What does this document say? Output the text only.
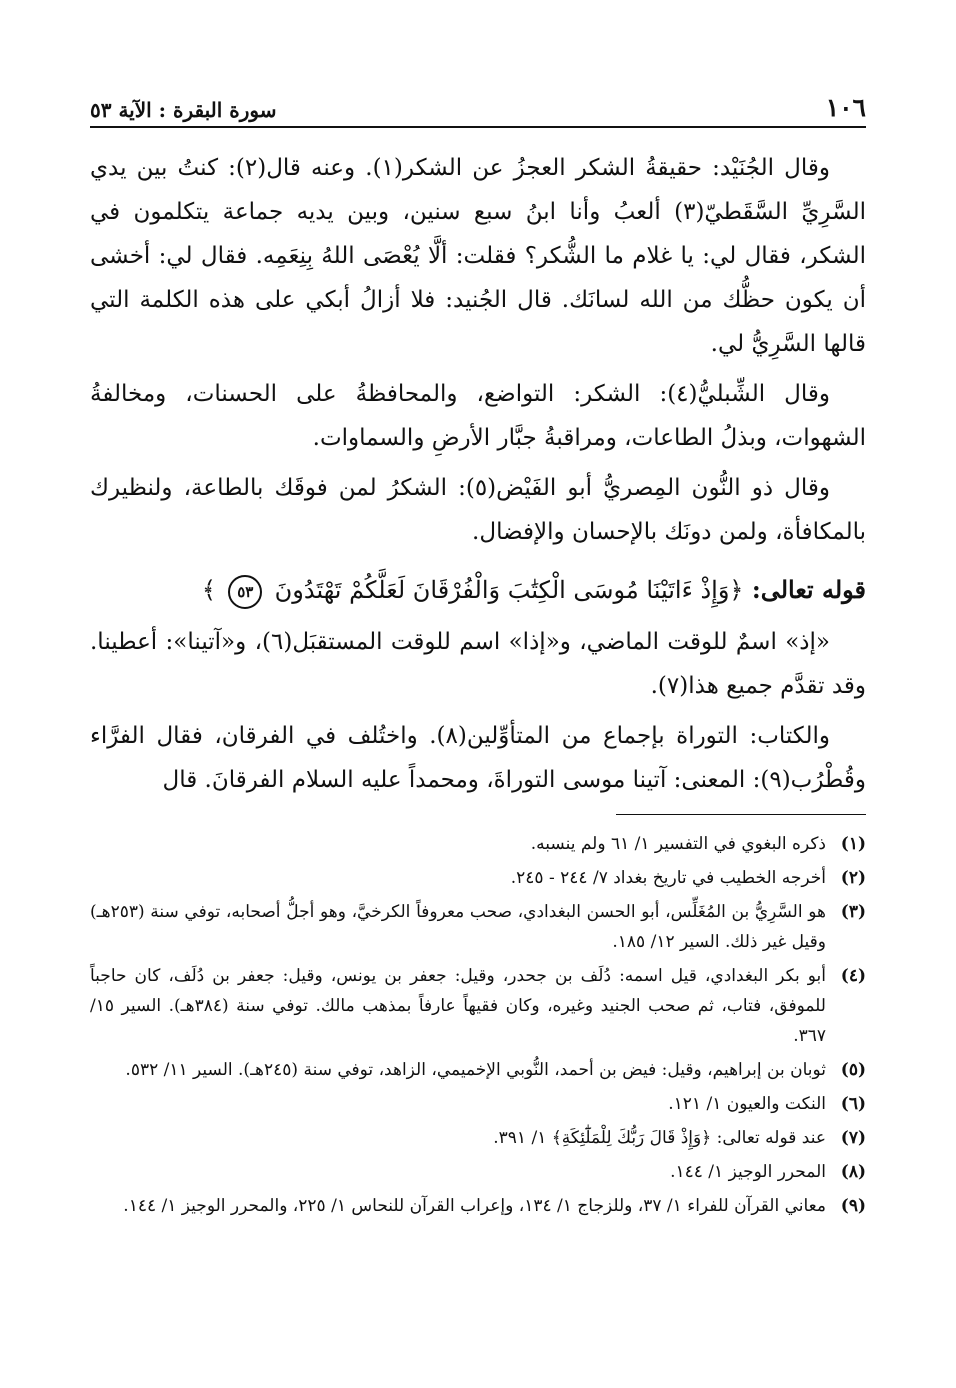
١٠٦
سورة البقرة : الآية ٥٣

وقال الجُنَيْد: حقيقةُ الشكر العجزُ عن الشكر(١). وعنه قال(٢): كنتُ بين يدي السَّرِيِّ السَّقَطيّ(٣) ألعبُ وأنا ابنُ سبع سنين، وبين يديه جماعة يتكلمون في الشكر، فقال لي: يا غلام ما الشُّكر؟ فقلت: ألَّا يُعْصَى اللهُ بِنِعَمِه. فقال لي: أخشى أن يكون حظُّك من الله لسانَك. قال الجُنيد: فلا أزالُ أبكي على هذه الكلمة التي قالها السَّرِيُّ لي.

وقال الشِّبليُّ(٤): الشكر: التواضع، والمحافظةُ على الحسنات، ومخالفةُ الشهوات، وبذلُ الطاعات، ومراقبةُ جبَّار الأرضِ والسماوات.

وقال ذو النُّون المِصريُّ أبو الفَيْض(٥): الشكرُ لمن فوقَك بالطاعة، ولنظيرك بالمكافأة، ولمن دونَك بالإحسان والإفضال.

قوله تعالى: ﴿وَإِذْ ءَاتَيْنَا مُوسَى الْكِتَٰبَ وَالْفُرْقَانَ لَعَلَّكُمْ تَهْتَدُونَ ٥٣ ﴾

«إذ» اسمٌ للوقت الماضي، و«إذا» اسم للوقت المستقبَل(٦)، و«آتينا»: أعطينا. وقد تقدَّم جميع هذا(٧).

والكتاب: التوراة بإجماع من المتأوِّلين(٨). واختُلف في الفرقان، فقال الفرَّاء وقُطْرُب(٩): المعنى: آتينا موسى التوراةَ، ومحمداً عليه السلام الفرقانَ. قال

(١)
ذكره البغوي في التفسير ١/ ٦١ ولم ينسبه.
(٢)
أخرجه الخطيب في تاريخ بغداد ٧/ ٢٤٤ - ٢٤٥.
(٣)
هو السَّرِيُّ بن المُغَلِّس، أبو الحسن البغدادي، صحب معروفاً الكرخيَّ، وهو أجلُّ أصحابه، توفي سنة (٢٥٣هـ) وقيل غير ذلك. السير ١٢/ ١٨٥.
(٤)
أبو بكر البغدادي، قيل اسمه: دُلَف بن جحدر، وقيل: جعفر بن يونس، وقيل: جعفر بن دُلَف، كان حاجباً للموفق، فتاب، ثم صحب الجنيد وغيره، وكان فقيهاً عارفاً بمذهب مالك. توفي سنة (٣٨٤هـ). السير ١٥/ ٣٦٧.
(٥)
ثوبان بن إبراهيم، وقيل: فيض بن أحمد، النُّوبي الإخميمي، الزاهد، توفي سنة (٢٤٥هـ). السير ١١/ ٥٣٢.
(٦)
النكت والعيون ١/ ١٢١.
(٧)
عند قوله تعالى: ﴿وَإِذْ قَالَ رَبُّكَ لِلْمَلَٰٓئِكَةِ﴾ ١/ ٣٩١.
(٨)
المحرر الوجيز ١/ ١٤٤.
(٩)
معاني القرآن للفراء ١/ ٣٧، وللزجاج ١/ ١٣٤، وإعراب القرآن للنحاس ١/ ٢٢٥، والمحرر الوجيز ١/ ١٤٤.
